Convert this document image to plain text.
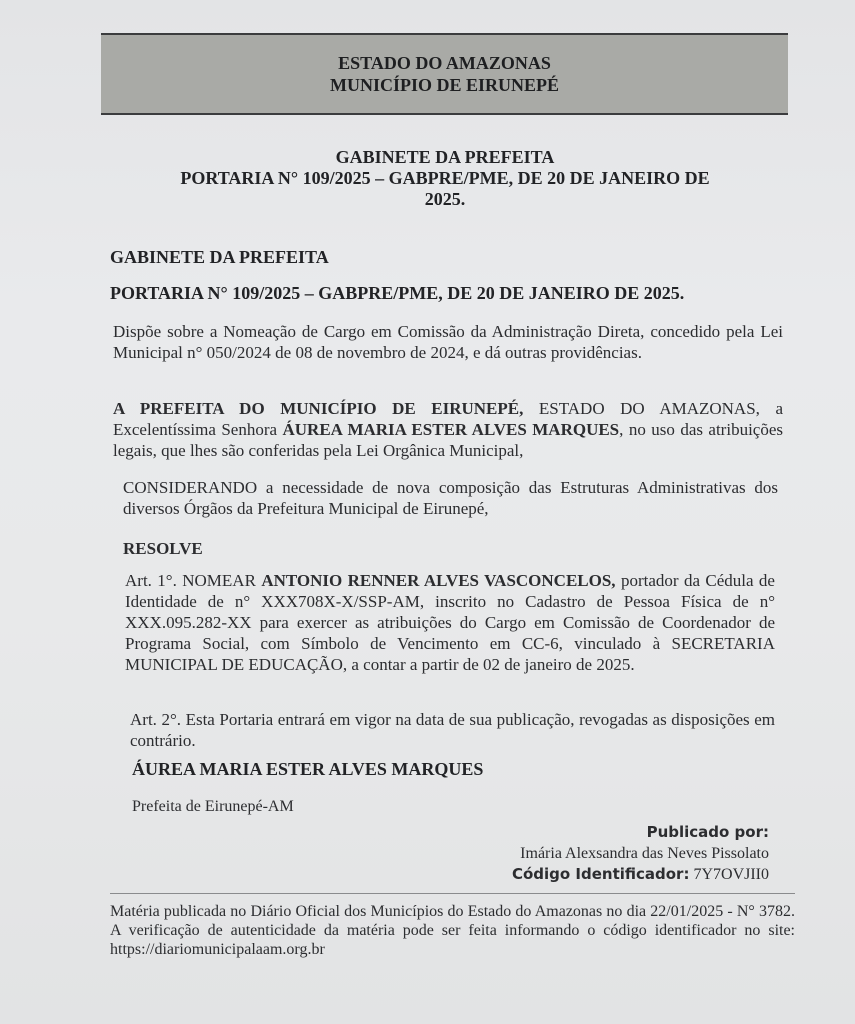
ESTADO DO AMAZONAS
MUNICÍPIO DE EIRUNEPÉ
GABINETE DA PREFEITA
PORTARIA N° 109/2025 – GABPRE/PME, DE 20 DE JANEIRO DE
2025.
GABINETE DA PREFEITA
PORTARIA N° 109/2025 – GABPRE/PME, DE 20 DE JANEIRO DE 2025.
Dispõe sobre a Nomeação de Cargo em Comissão da Administração Direta, concedido pela Lei Municipal n° 050/2024 de 08 de novembro de 2024, e dá outras providências.
A PREFEITA DO MUNICÍPIO DE EIRUNEPÉ, ESTADO DO AMAZONAS, a Excelentíssima Senhora ÁUREA MARIA ESTER ALVES MARQUES, no uso das atribuições legais, que lhes são conferidas pela Lei Orgânica Municipal,
CONSIDERANDO a necessidade de nova composição das Estruturas Administrativas dos diversos Órgãos da Prefeitura Municipal de Eirunepé,
RESOLVE
Art. 1°. NOMEAR ANTONIO RENNER ALVES VASCONCELOS, portador da Cédula de Identidade de n° XXX708X-X/SSP-AM, inscrito no Cadastro de Pessoa Física de n° XXX.095.282-XX para exercer as atribuições do Cargo em Comissão de Coordenador de Programa Social, com Símbolo de Vencimento em CC-6, vinculado à SECRETARIA MUNICIPAL DE EDUCAÇÃO, a contar a partir de 02 de janeiro de 2025.
Art. 2°. Esta Portaria entrará em vigor na data de sua publicação, revogadas as disposições em contrário.
ÁUREA MARIA ESTER ALVES MARQUES
Prefeita de Eirunepé-AM
Publicado por:
Imária Alexsandra das Neves Pissolato
Código Identificador: 7Y7OVJII0
Matéria publicada no Diário Oficial dos Municípios do Estado do Amazonas no dia 22/01/2025 - N° 3782. A verificação de autenticidade da matéria pode ser feita informando o código identificador no site: https://diariomunicipalaam.org.br
